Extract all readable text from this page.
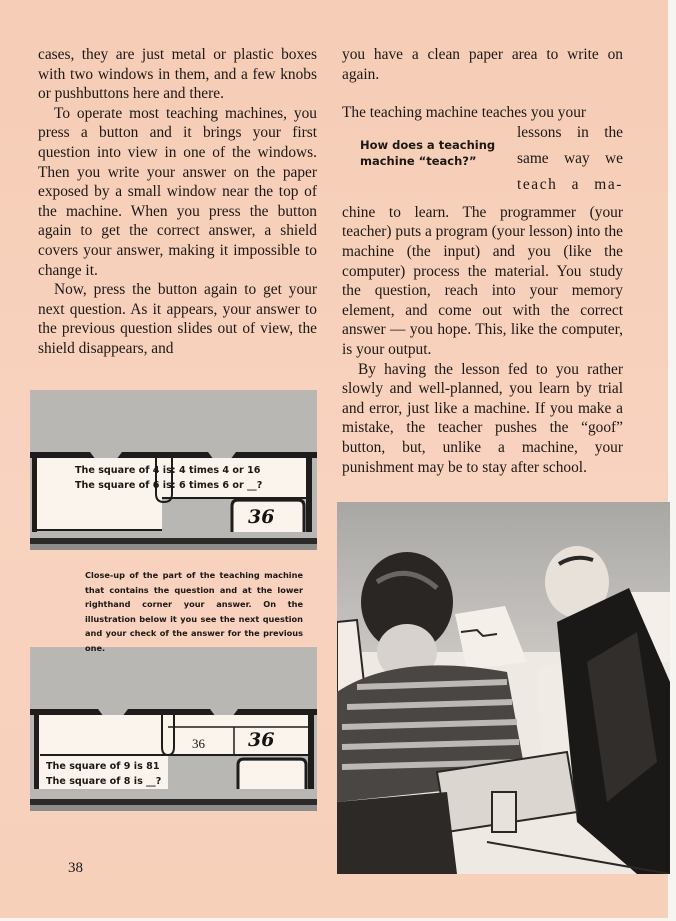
cases, they are just metal or plastic boxes with two windows in them, and a few knobs or pushbuttons here and there.

To operate most teaching machines, you press a button and it brings your first question into view in one of the windows. Then you write your answer on the paper exposed by a small window near the top of the machine. When you press the button again to get the correct answer, a shield covers your answer, making it impossible to change it.

Now, press the button again to get your next question. As it appears, your answer to the previous question slides out of view, the shield disappears, and

you have a clean paper area to write on again.

The teaching machine teaches you your

How does a teaching machine “teach?”
lessons in the
same way we
teach a ma-

chine to learn. The programmer (your teacher) puts a program (your lesson) into the machine (the input) and you (like the computer) process the material. You study the question, reach into your memory element, and come out with the correct answer — you hope. This, like the computer, is your output.

By having the lesson fed to you rather slowly and well-planned, you learn by trial and error, just like a machine. If you make a mistake, the teacher pushes the “goof” button, but, unlike a machine, your punishment may be to stay after school.

The square of 4 is: 4 times 4 or 16
The square of 6 is: 6 times 6 or __?
36
Close-up of the part of the teaching machine that contains the question and at the lower righthand corner your answer. On the illustration below it you see the next question and your check of the answer for the previous one.
36 36
The square of 9 is 81
The square of 8 is __?
38
